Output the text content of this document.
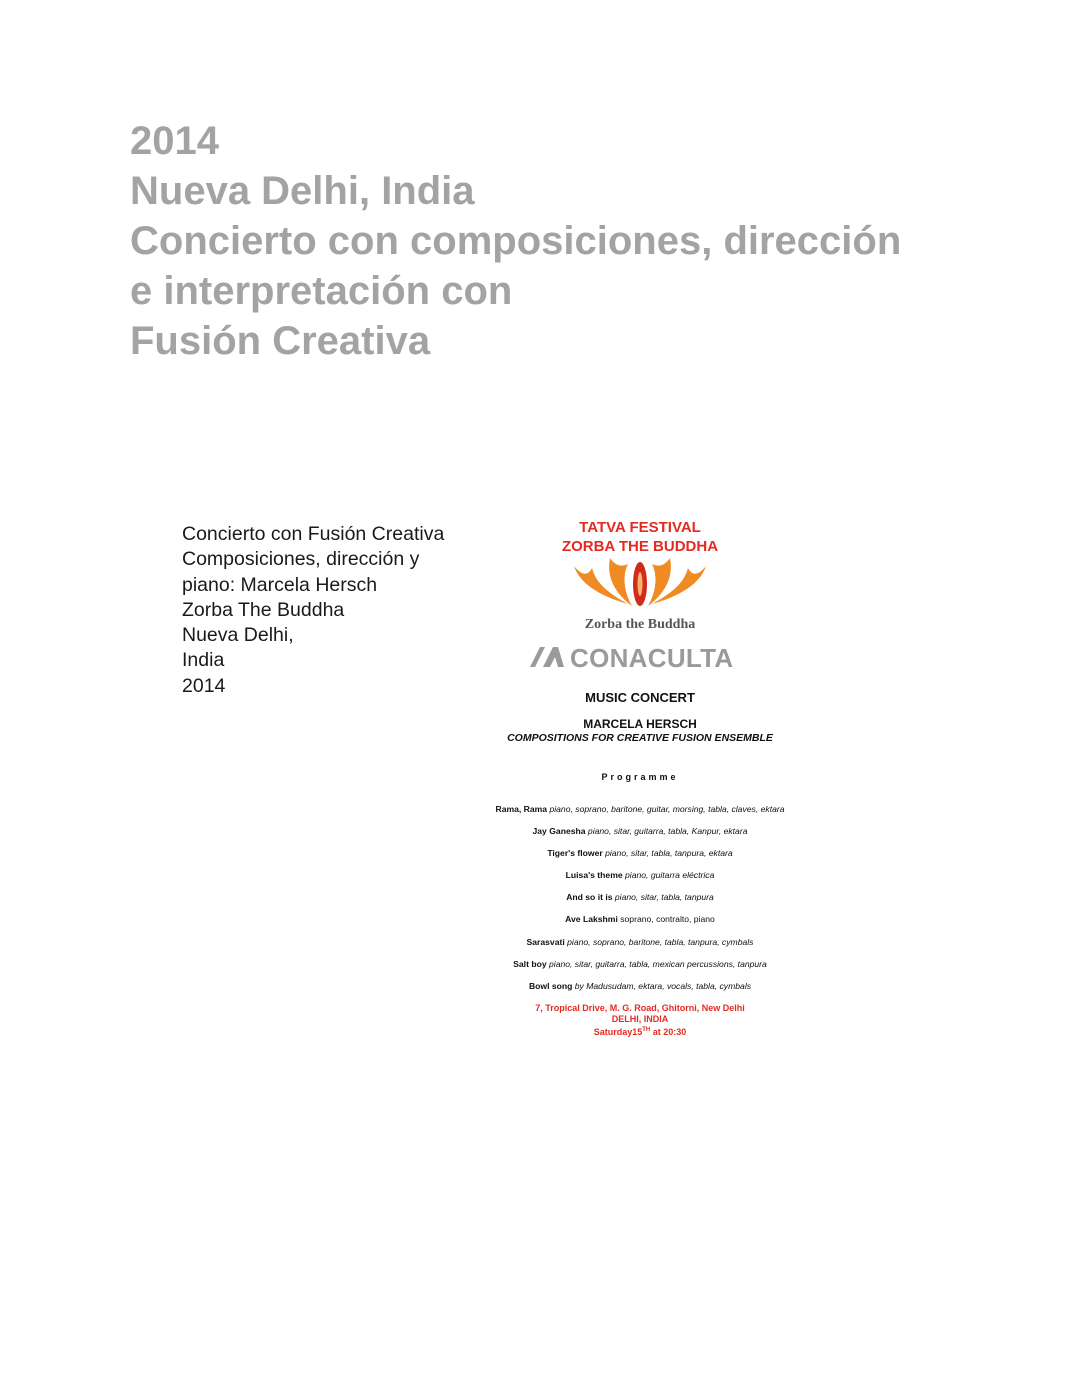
2014
Nueva Delhi, India
Concierto con composiciones, dirección
e interpretación con
Fusión Creativa
Concierto con Fusión Creativa
Composiciones, dirección y
piano: Marcela Hersch
Zorba The Buddha
Nueva Delhi,
India
2014
TATVA FESTIVAL
ZORBA THE BUDDHA
Zorba the Buddha
CONACULTA
MUSIC CONCERT
MARCELA HERSCH
COMPOSITIONS FOR CREATIVE FUSION ENSEMBLE
Programme
Rama, Rama piano, soprano, baritone, guitar, morsing, tabla, claves, ektara
Jay Ganesha piano, sitar, guitarra, tabla, Kanpur, ektara
Tiger's flower piano, sitar, tabla, tanpura, ektara
Luisa's theme piano, guitarra eléctrica
And so it is piano, sitar, tabla, tanpura
Ave Lakshmi soprano, contralto, piano
Sarasvati piano, soprano, baritone, tabla, tanpura, cymbals
Salt boy piano, sitar, guitarra, tabla, mexican percussions, tanpura
Bowl song by Madusudam, ektara, vocals, tabla, cymbals
7, Tropical Drive, M. G. Road, Ghitorni, New Delhi
DELHI, INDIA
Saturday15TH at 20:30
